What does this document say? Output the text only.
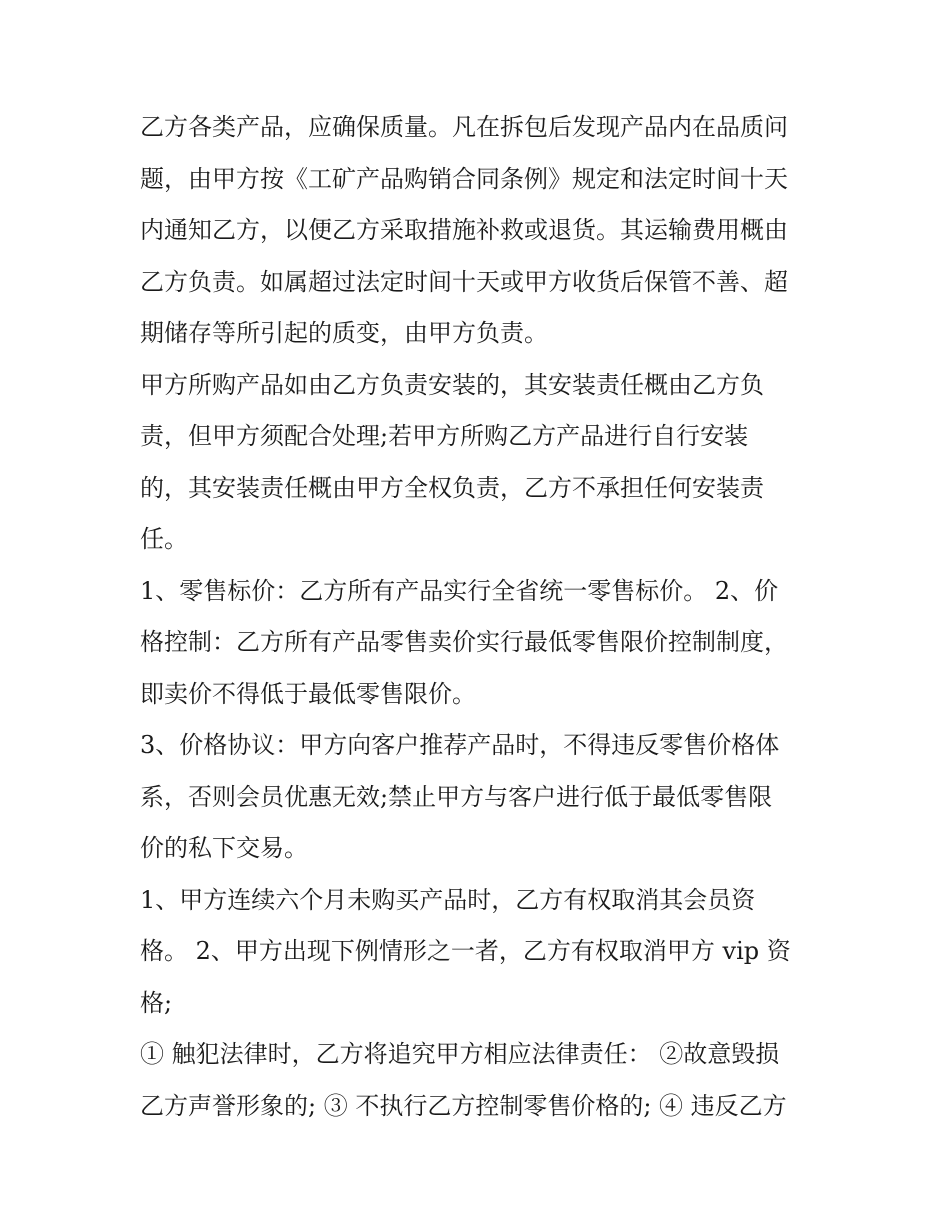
乙方各类产品，应确保质量。凡在拆包后发现产品内在品质问
题，由甲方按《工矿产品购销合同条例》规定和法定时间十天
内通知乙方，以便乙方采取措施补救或退货。其运输费用概由
乙方负责。如属超过法定时间十天或甲方收货后保管不善、超
期储存等所引起的质变，由甲方负责。
甲方所购产品如由乙方负责安装的，其安装责任概由乙方负
责，但甲方须配合处理;若甲方所购乙方产品进行自行安装
的，其安装责任概由甲方全权负责，乙方不承担任何安装责
任。
1、零售标价：乙方所有产品实行全省统一零售标价。 2、价
格控制：乙方所有产品零售卖价实行最低零售限价控制制度，
即卖价不得低于最低零售限价。
3、价格协议：甲方向客户推荐产品时，不得违反零售价格体
系，否则会员优惠无效;禁止甲方与客户进行低于最低零售限
价的私下交易。
1、甲方连续六个月未购买产品时，乙方有权取消其会员资
格。 2、甲方出现下例情形之一者，乙方有权取消甲方 vip 资
格;
① 触犯法律时，乙方将追究甲方相应法律责任： ②故意毁损
乙方声誉形象的; ③ 不执行乙方控制零售价格的; ④ 违反乙方
